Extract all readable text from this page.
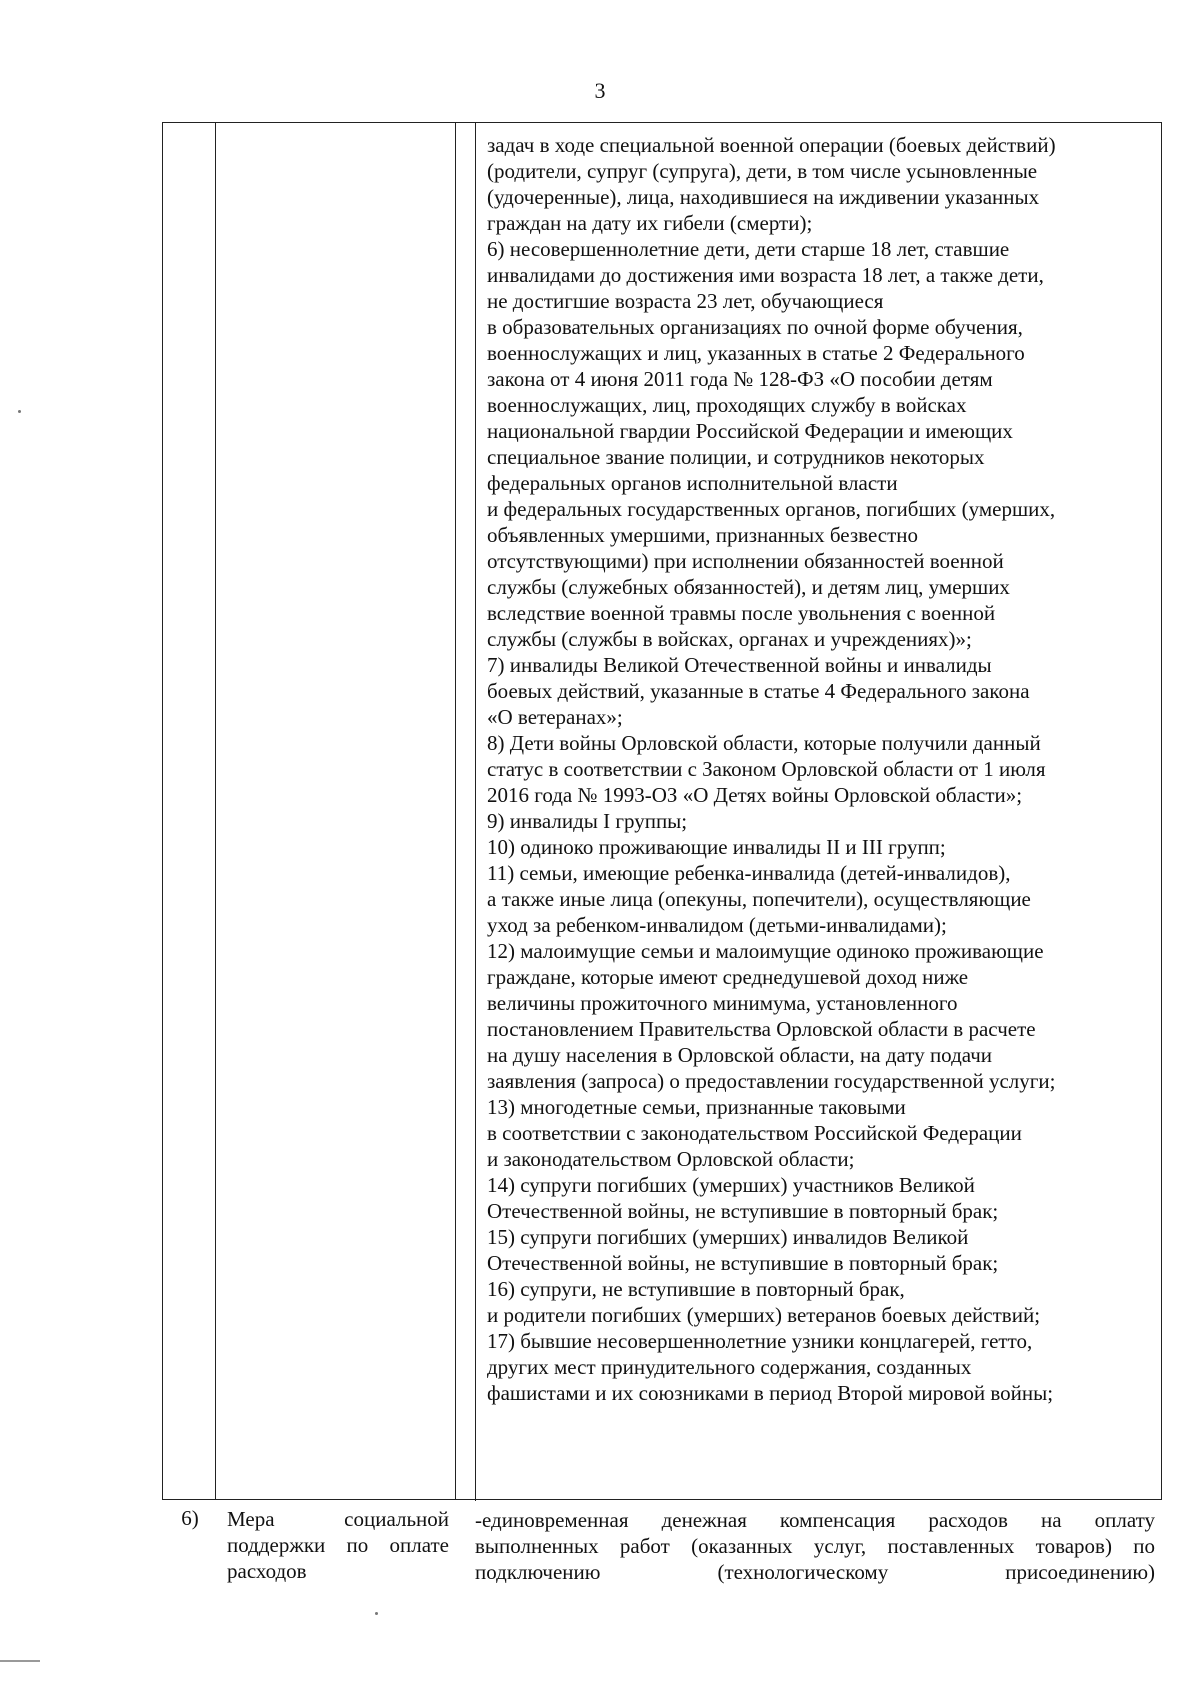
3

задач в ходе специальной военной операции (боевых действий)

(родители, супруг (супруга), дети, в том числе усыновленные

(удочеренные), лица, находившиеся на иждивении указанных

граждан на дату их гибели (смерти);

6) несовершеннолетние дети, дети старше 18 лет, ставшие

инвалидами до достижения ими возраста 18 лет, а также дети,

не достигшие возраста 23 лет, обучающиеся

в образовательных организациях по очной форме обучения,

военнослужащих и лиц, указанных в статье 2 Федерального

закона от 4 июня 2011 года № 128-ФЗ «О пособии детям

военнослужащих, лиц, проходящих службу в войсках

национальной гвардии Российской Федерации и имеющих

специальное звание полиции, и сотрудников некоторых

федеральных органов исполнительной власти

и федеральных государственных органов, погибших (умерших,

объявленных умершими, признанных безвестно

отсутствующими) при исполнении обязанностей военной

службы (служебных обязанностей), и детям лиц, умерших

вследствие военной травмы после увольнения с военной

службы (службы в войсках, органах и учреждениях)»;

7) инвалиды Великой Отечественной войны и инвалиды

боевых действий, указанные в статье 4 Федерального закона

«О ветеранах»;

8) Дети войны Орловской области, которые получили данный

статус в соответствии с Законом Орловской области от 1 июля

2016 года № 1993-ОЗ «О Детях войны Орловской области»;

9) инвалиды I группы;

10) одиноко проживающие инвалиды II и III групп;

11) семьи, имеющие ребенка-инвалида (детей-инвалидов),

а также иные лица (опекуны, попечители), осуществляющие

уход за ребенком-инвалидом (детьми-инвалидами);

12) малоимущие семьи и малоимущие одиноко проживающие

граждане, которые имеют среднедушевой доход ниже

величины прожиточного минимума, установленного

постановлением Правительства Орловской области в расчете

на душу населения в Орловской области, на дату подачи

заявления (запроса) о предоставлении государственной услуги;

13) многодетные семьи, признанные таковыми

в соответствии с законодательством Российской Федерации

и законодательством Орловской области;

14) супруги погибших (умерших) участников Великой

Отечественной войны, не вступившие в повторный брак;

15) супруги погибших (умерших) инвалидов Великой

Отечественной войны, не вступившие в повторный брак;

16) супруги, не вступившие в повторный брак,

и родители погибших (умерших) ветеранов боевых действий;

17) бывшие несовершеннолетние узники концлагерей, гетто,

других мест принудительного содержания, созданных

фашистами и их союзниками в период Второй мировой войны;

6)	Мера социальной

поддержки по оплате

расходов

-единовременная денежная компенсация расходов на оплату

выполненных работ (оказанных услуг, поставленных товаров) по

подключению (технологическому присоединению)
